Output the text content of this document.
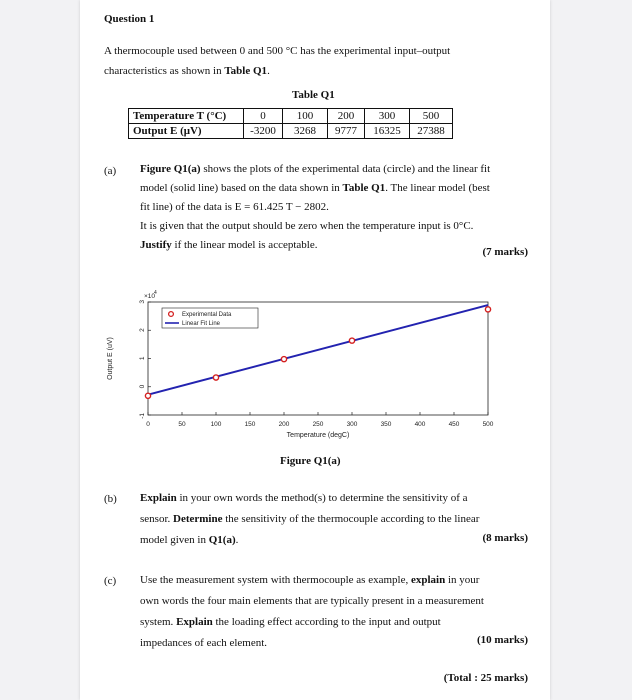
Question 1
A thermocouple used between 0 and 500 °C has the experimental input–output
characteristics as shown in Table Q1.
Table Q1
Temperature T (°C)	0	100	200	300	500
Output E (μV)	-3200	3268	9777	16325	27388
(a) Figure Q1(a) shows the plots of the experimental data (circle) and the linear fit
model (solid line) based on the data shown in Table Q1. The linear model (best
fit line) of the data is E = 61.425 T − 2802.
It is given that the output should be zero when the temperature input is 0°C.
Justify if the linear model is acceptable.
(7 marks)
0	50	100	150	200	250	300	350	400	450	500
-1
0
1
2
3
×10
4
Temperature (degC)
Output E (uV)
Experimental Data
Linear Fit Line
Figure Q1(a)
(b) Explain in your own words the method(s) to determine the sensitivity of a
sensor. Determine the sensitivity of the thermocouple according to the linear
model given in Q1(a).	(8 marks)
(c) Use the measurement system with thermocouple as example, explain in your
own words the four main elements that are typically present in a measurement
system. Explain the loading effect according to the input and output
impedances of each element.	(10 marks)
(Total : 25 marks)
